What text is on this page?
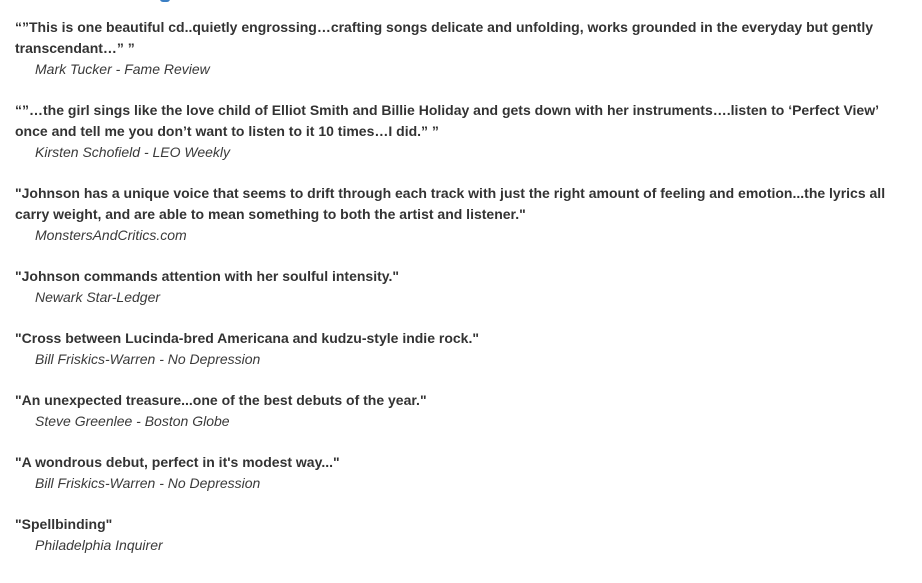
“”This is one beautiful cd..quietly engrossing…crafting songs delicate and unfolding, works grounded in the everyday but gently transcendant…” ”

Mark Tucker - Fame Review

“”…the girl sings like the love child of Elliot Smith and Billie Holiday and gets down with her instruments….listen to ‘Perfect View’ once and tell me you don’t want to listen to it 10 times…I did.” ”

Kirsten Schofield - LEO Weekly

"Johnson has a unique voice that seems to drift through each track with just the right amount of feeling and emotion...the lyrics all carry weight, and are able to mean something to both the artist and listener."

MonstersAndCritics.com

"Johnson commands attention with her soulful intensity."

Newark Star-Ledger

"Cross between Lucinda-bred Americana and kudzu-style indie rock."

Bill Friskics-Warren - No Depression

"An unexpected treasure...one of the best debuts of the year."

Steve Greenlee - Boston Globe

"A wondrous debut, perfect in it's modest way..."

Bill Friskics-Warren - No Depression

"Spellbinding"

Philadelphia Inquirer
